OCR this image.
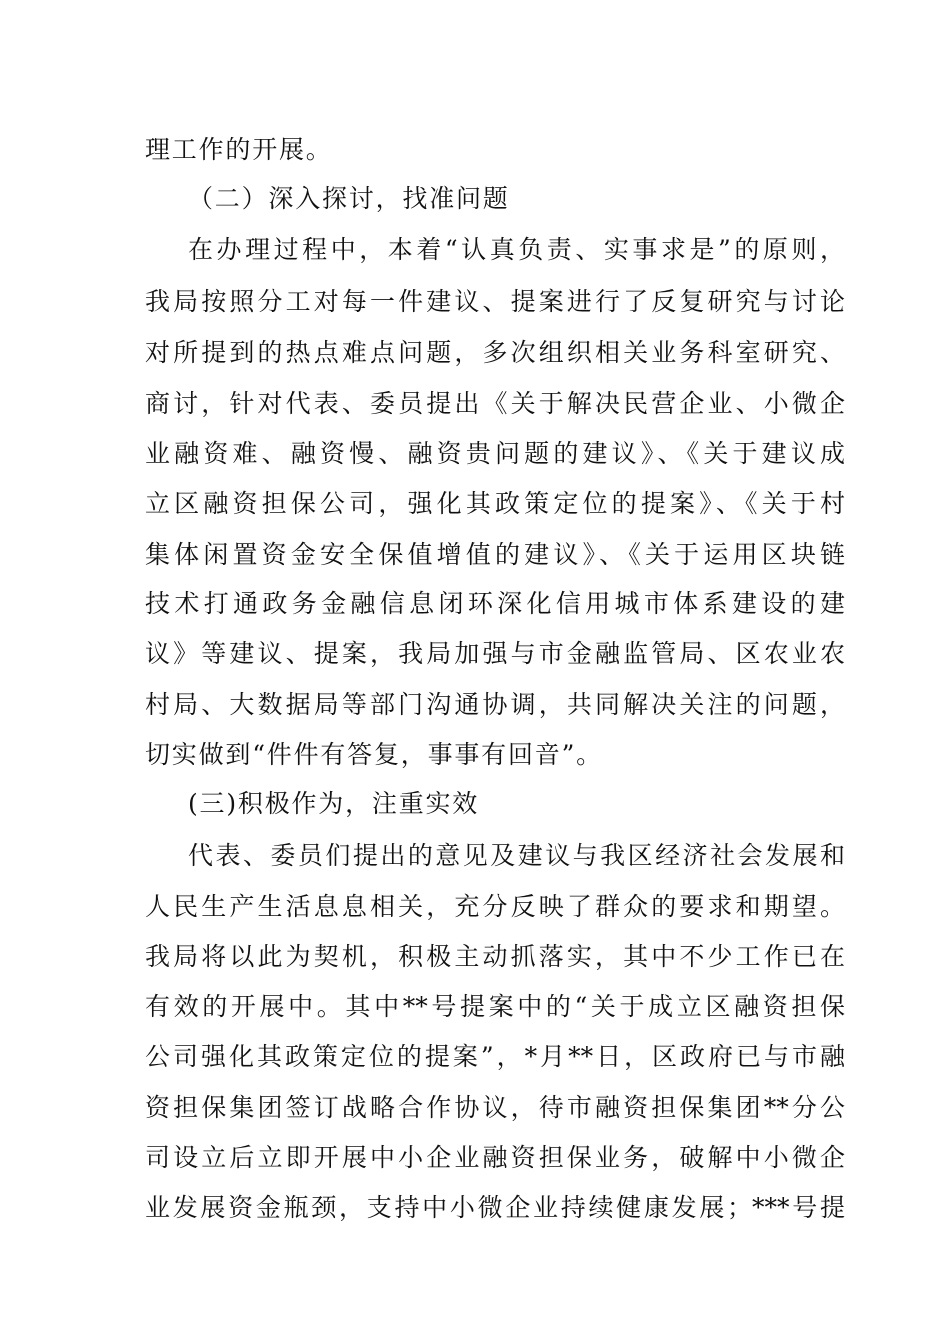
理工作的开展。
（二）深入探讨，找准问题
在办理过程中，本着“认真负责、实事求是”的原则，
我局按照分工对每一件建议、提案进行了反复研究与讨论
对所提到的热点难点问题，多次组织相关业务科室研究、
商讨，针对代表、委员提出《关于解决民营企业、小微企
业融资难、融资慢、融资贵问题的建议》、《关于建议成
立区融资担保公司，强化其政策定位的提案》、《关于村
集体闲置资金安全保值增值的建议》、《关于运用区块链
技术打通政务金融信息闭环深化信用城市体系建设的建
议》等建议、提案，我局加强与市金融监管局、区农业农
村局、大数据局等部门沟通协调，共同解决关注的问题，
切实做到“件件有答复，事事有回音”。
(三)积极作为，注重实效
代表、委员们提出的意见及建议与我区经济社会发展和
人民生产生活息息相关，充分反映了群众的要求和期望。
我局将以此为契机，积极主动抓落实，其中不少工作已在
有效的开展中。其中**号提案中的“关于成立区融资担保
公司强化其政策定位的提案”，*月**日，区政府已与市融
资担保集团签订战略合作协议，待市融资担保集团**分公
司设立后立即开展中小企业融资担保业务，破解中小微企
业发展资金瓶颈，支持中小微企业持续健康发展；***号提
